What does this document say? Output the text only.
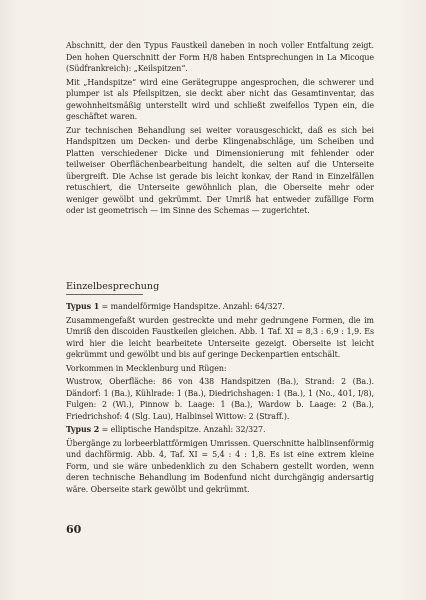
Abschnitt, der den Typus Faustkeil daneben in noch voller Entfaltung zeigt. Den hohen Querschnitt der Form H/8 haben Entsprechungen in La Micoque (Südfrankreich): „Keilspitzen“.

Mit „Handspitze“ wird eine Gerätegruppe angesprochen, die schwerer und plumper ist als Pfeilspitzen, sie deckt aber nicht das Gesamtinventar, das gewohnheitsmäßig unterstellt wird und schließt zweifellos Typen ein, die geschäftet waren.

Zur technischen Behandlung sei weiter vorausgeschickt, daß es sich bei Handspitzen um Decken- und derbe Klingenabschläge, um Scheiben und Platten verschiedener Dicke und Dimensionierung mit fehlender oder teilweiser Oberflächenbearbeitung handelt, die selten auf die Unterseite übergreift. Die Achse ist gerade bis leicht konkav, der Rand in Einzelfällen retuschiert, die Unterseite gewöhnlich plan, die Oberseite mehr oder weniger gewölbt und gekrümmt. Der Umriß hat entweder zufällige Form oder ist geometrisch — im Sinne des Schemas — zugerichtet.

Einzelbesprechung

Typus 1 = mandelförmige Handspitze. Anzahl: 64/327.

Zusammengefaßt wurden gestreckte und mehr gedrungene Formen, die im Umriß den discoiden Faustkeilen gleichen. Abb. 1 Taf. XI = 8,3 : 6,9 : 1,9. Es wird hier die leicht bearbeitete Unterseite gezeigt. Oberseite ist leicht gekrümmt und gewölbt und bis auf geringe Deckenpartien entschält.

Vorkommen in Mecklenburg und Rügen:

Wustrow, Oberfläche: 86 von 438 Handspitzen (Ba.), Strand: 2 (Ba.). Dändorf: 1 (Ba.), Kühlrade: 1 (Ba.), Diedrichshagen: 1 (Ba.), 1 (No., 401, I/8), Fulgen: 2 (Wi.), Pinnow b. Laage: 1 (Ba.), Wardow b. Laage: 2 (Ba.), Friedrichshof: 4 (Slg. Lau), Halbinsel Wittow: 2 (Straff.).

Typus 2 = elliptische Handspitze. Anzahl: 32/327.

Übergänge zu lorbeerblattförmigen Umrissen. Querschnitte halblinsenförmig und dachförmig. Abb. 4, Taf. XI = 5,4 : 4 : 1,8. Es ist eine extrem kleine Form, und sie wäre unbedenklich zu den Schabern gestellt worden, wenn deren technische Behandlung im Bodenfund nicht durchgängig andersartig wäre. Oberseite stark gewölbt und gekrümmt.

60
